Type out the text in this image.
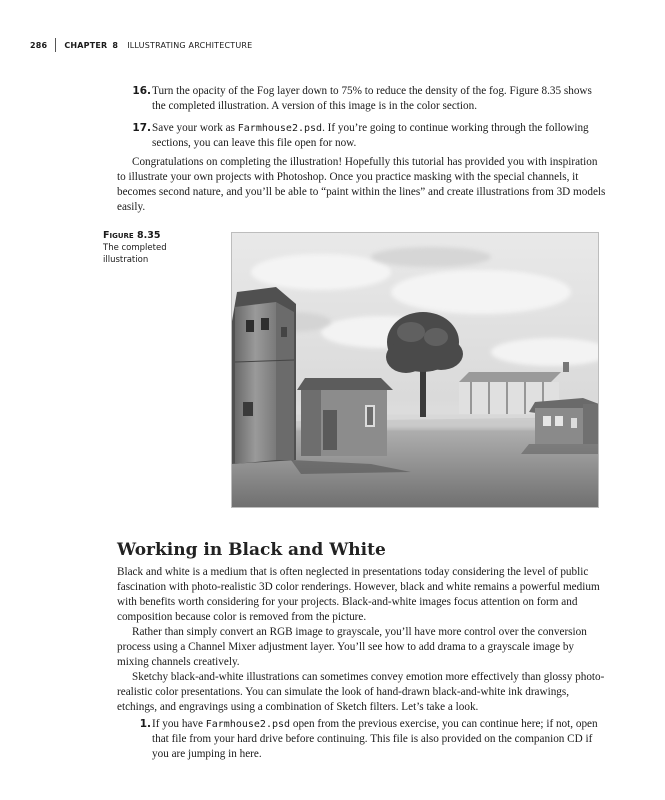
286 CHAPTER 8 ILLUSTRATING ARCHITECTURE
16. Turn the opacity of the Fog layer down to 75% to reduce the density of the fog. Figure 8.35 shows the completed illustration. A version of this image is in the color section.
17. Save your work as Farmhouse2.psd. If you’re going to continue working through the following sections, you can leave this file open for now.
Congratulations on completing the illustration! Hopefully this tutorial has provided you with inspiration to illustrate your own projects with Photoshop. Once you practice masking with the special channels, it becomes second nature, and you’ll be able to “paint within the lines” and create illustrations from 3D models easily.
Figure 8.35
The completed illustration
Working in Black and White
Black and white is a medium that is often neglected in presentations today considering the level of public fascination with photo-realistic 3D color renderings. However, black and white remains a powerful medium with benefits worth considering for your projects. Black-and-white images focus attention on form and composition because color is removed from the picture.
Rather than simply convert an RGB image to grayscale, you’ll have more control over the conversion process using a Channel Mixer adjustment layer. You’ll see how to add drama to a grayscale image by mixing channels creatively.
Sketchy black-and-white illustrations can sometimes convey emotion more effectively than glossy photo-realistic color presentations. You can simulate the look of hand-drawn black-and-white ink drawings, etchings, and engravings using a combination of Sketch filters. Let’s take a look.
1. If you have Farmhouse2.psd open from the previous exercise, you can continue here; if not, open that file from your hard drive before continuing. This file is also provided on the companion CD if you are jumping in here.
